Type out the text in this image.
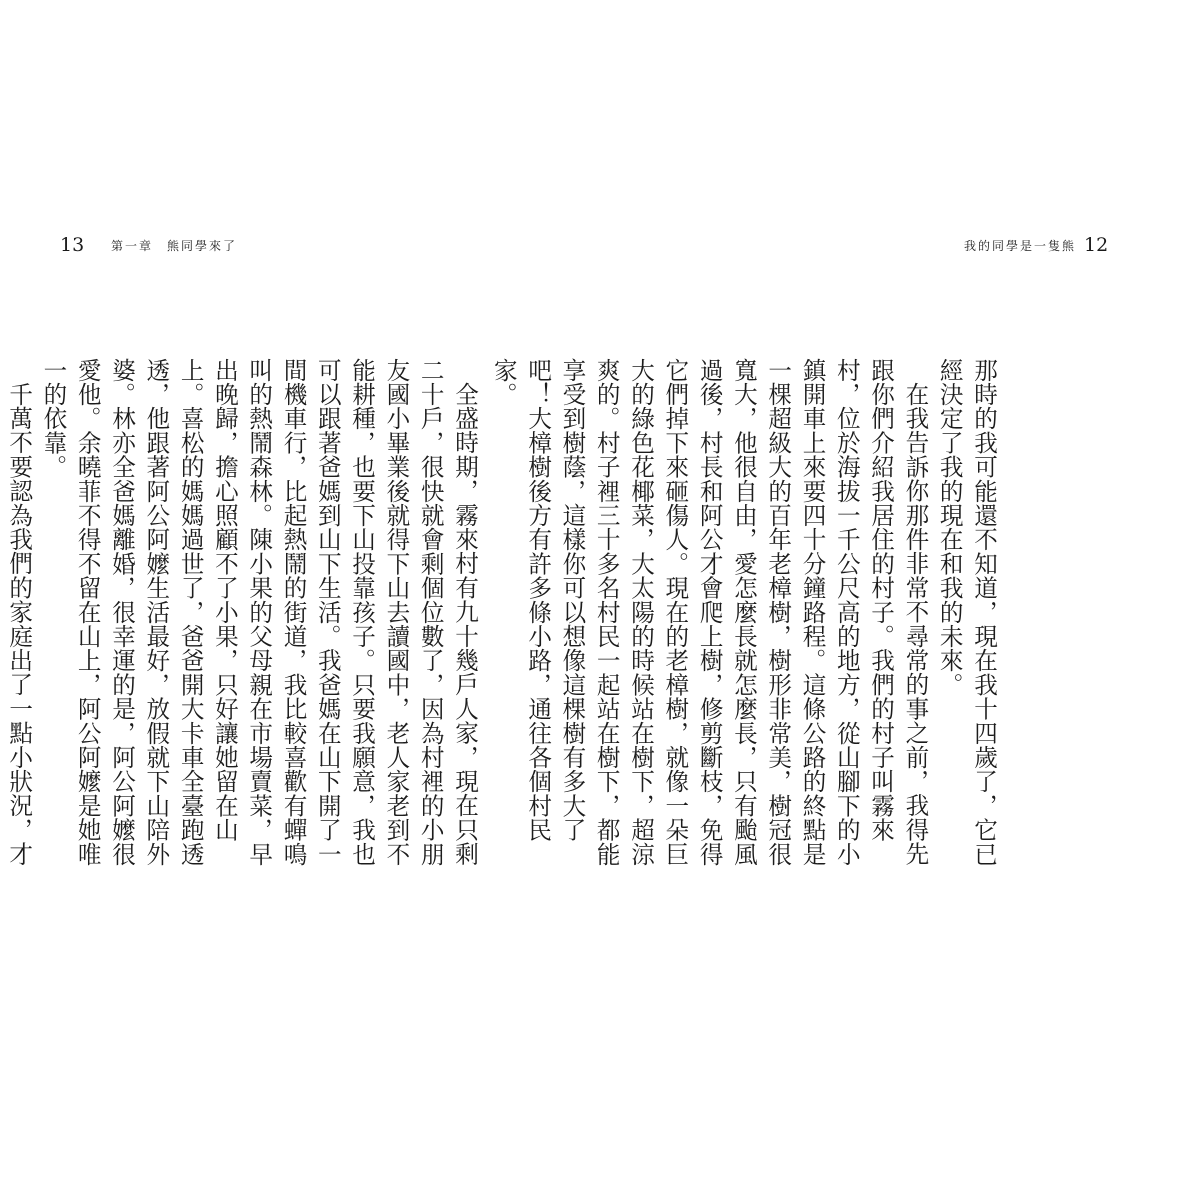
13 第一章　熊同學來了

全盛時期，霧來村有九十幾戶人家，現在只剩二十戶，很快就會剩個位數了，因為村裡的小朋友國小畢業後就得下山去讀國中，老人家老到不能耕種，也要下山投靠孩子。只要我願意，我也可以跟著爸媽到山下生活。我爸媽在山下開了一間機車行，比起熱鬧的街道，我比較喜歡有蟬鳴叫的熱鬧森林。陳小果的父母親在市場賣菜，早出晚歸，擔心照顧不了小果，只好讓她留在山上。喜松的媽媽過世了，爸爸開大卡車全臺跑透透，他跟著阿公阿嬤生活最好，放假就下山陪外婆。林亦全爸媽離婚，很幸運的是，阿公阿嬤很愛他。余曉菲不得不留在山上，阿公阿嬤是她唯一的依靠。

千萬不要認為我們的家庭出了一點小狀況，才

我的同學是一隻熊 12

那時的我可能還不知道，現在我十四歲了，它已經決定了我的現在和我的未來。

在我告訴你那件非常不尋常的事之前，我得先跟你們介紹我居住的村子。我們的村子叫霧來村，位於海拔一千公尺高的地方，從山腳下的小鎮開車上來要四十分鐘路程。這條公路的終點是一棵超級大的百年老樟樹，樹形非常美，樹冠很寬大，他很自由，愛怎麼長就怎麼長，只有颱風過後，村長和阿公才會爬上樹，修剪斷枝，免得它們掉下來砸傷人。現在的老樟樹，就像一朵巨大的綠色花椰菜，大太陽的時候站在樹下，超涼爽的。村子裡三十多名村民一起站在樹下，都能享受到樹蔭，這樣你可以想像這棵樹有多大了吧！大樟樹後方有許多條小路，通往各個村民家。
